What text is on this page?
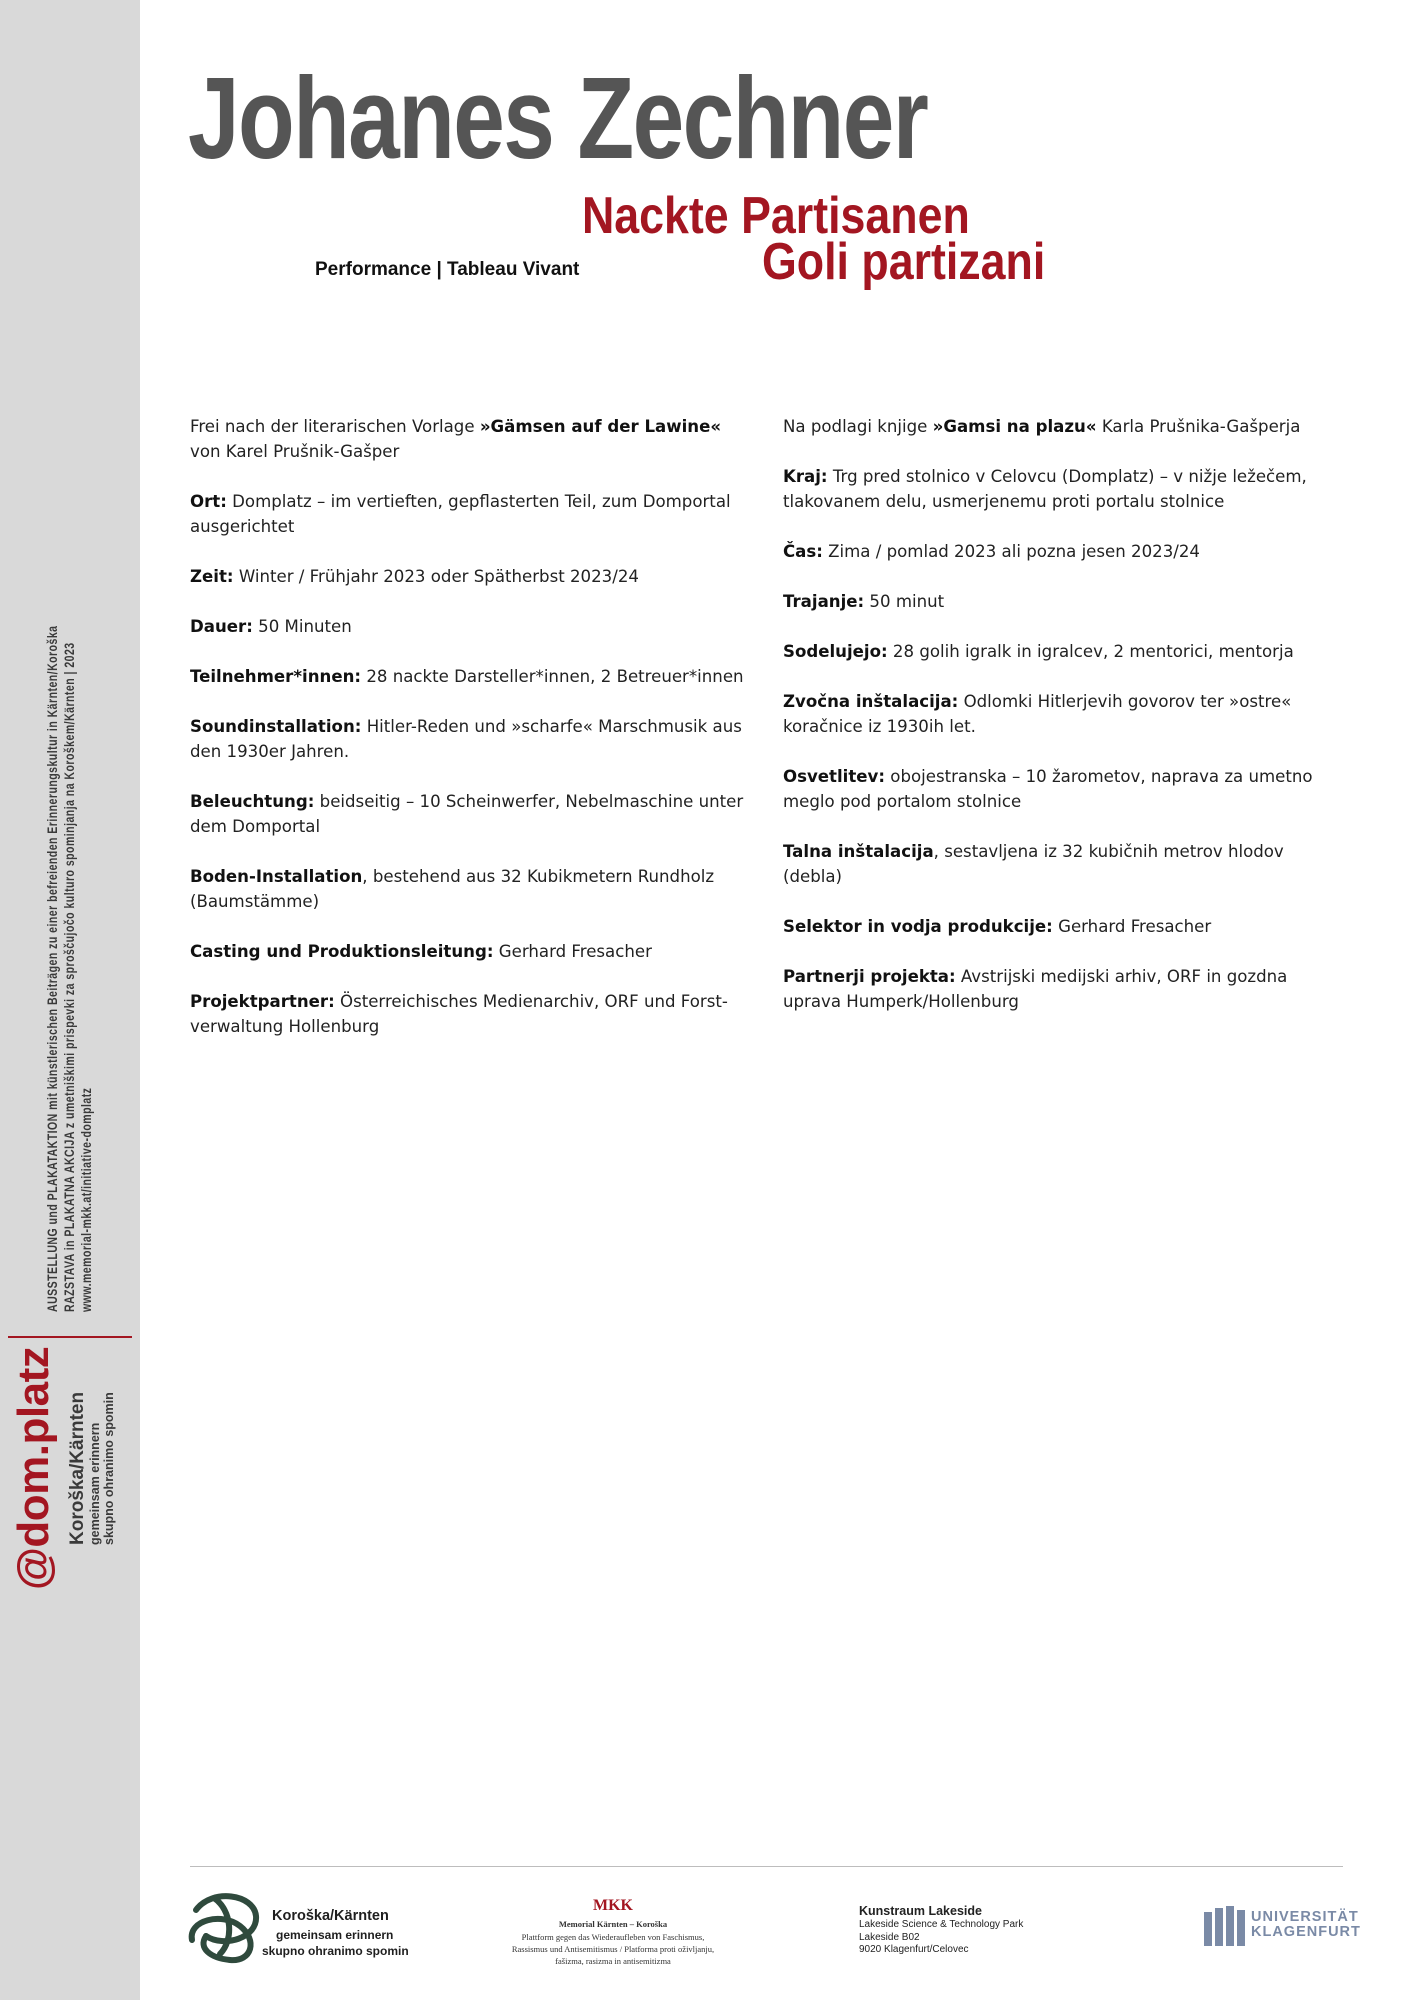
AUSSTELLUNG und PLAKATAKTION mit künstlerischen Beiträgen zu einer befreienden Erinnerungskultur in Kärnten/Koroška RAZSTAVA in PLAKATNA AKCIJA z umetniškimi prispevki za sproščujočo kulturo spominjanja na Koroškem/Kärnten | 2023 www.memorial-mkk.at/initiative-domplatz
@dom.platz Koroška/Kärnten gemeinsam erinnern skupno ohranimo spomin
Johanes Zechner
Nackte Partisanen
Goli partizani
Performance | Tableau Vivant

Frei nach der literarischen Vorlage »Gämsen auf der Lawine« von Karel Prušnik-Gašper

Ort: Domplatz – im vertieften, gepflasterten Teil, zum Domportal ausgerichtet

Zeit: Winter / Frühjahr 2023 oder Spätherbst 2023/24

Dauer: 50 Minuten

Teilnehmer*innen: 28 nackte Darsteller*innen, 2 Betreuer*innen

Soundinstallation: Hitler-Reden und »scharfe« Marschmusik aus den 1930er Jahren.

Beleuchtung: beidseitig – 10 Scheinwerfer, Nebelmaschine unter dem Domportal

Boden-Installation, bestehend aus 32 Kubikmetern Rundholz (Baumstämme)

Casting und Produktionsleitung: Gerhard Fresacher

Projektpartner: Österreichisches Medienarchiv, ORF und Forst-verwaltung Hollenburg

Na podlagi knjige »Gamsi na plazu« Karla Prušnika-Gašperja

Kraj: Trg pred stolnico v Celovcu (Domplatz) – v nižje ležečem, tlakovanem delu, usmerjenemu proti portalu stolnice

Čas: Zima / pomlad 2023 ali pozna jesen 2023/24

Trajanje: 50 minut

Sodelujejo: 28 golih igralk in igralcev, 2 mentorici, mentorja

Zvočna inštalacija: Odlomki Hitlerjevih govorov ter »ostre« koračnice iz 1930ih let.

Osvetlitev: obojestranska – 10 žarometov, naprava za umetno meglo pod portalom stolnice

Talna inštalacija, sestavljena iz 32 kubičnih metrov hlodov (debla)

Selektor in vodja produkcije: Gerhard Fresacher

Partnerji projekta: Avstrijski medijski arhiv, ORF in gozdna uprava Humperk/Hollenburg

Koroška/Kärnten
gemeinsam erinnern
skupno ohranimo spomin
MKK
Memorial Kärnten – Koroška
Plattform gegen das Wiederaufleben von Faschismus,
Rassismus und Antisemitismus / Platforma proti oživljanju,
fašizma, rasizma in antisemitizma
Kunstraum Lakeside
Lakeside Science & Technology Park
Lakeside B02
9020 Klagenfurt/Celovec
UNIVERSITÄT
KLAGENFURT
